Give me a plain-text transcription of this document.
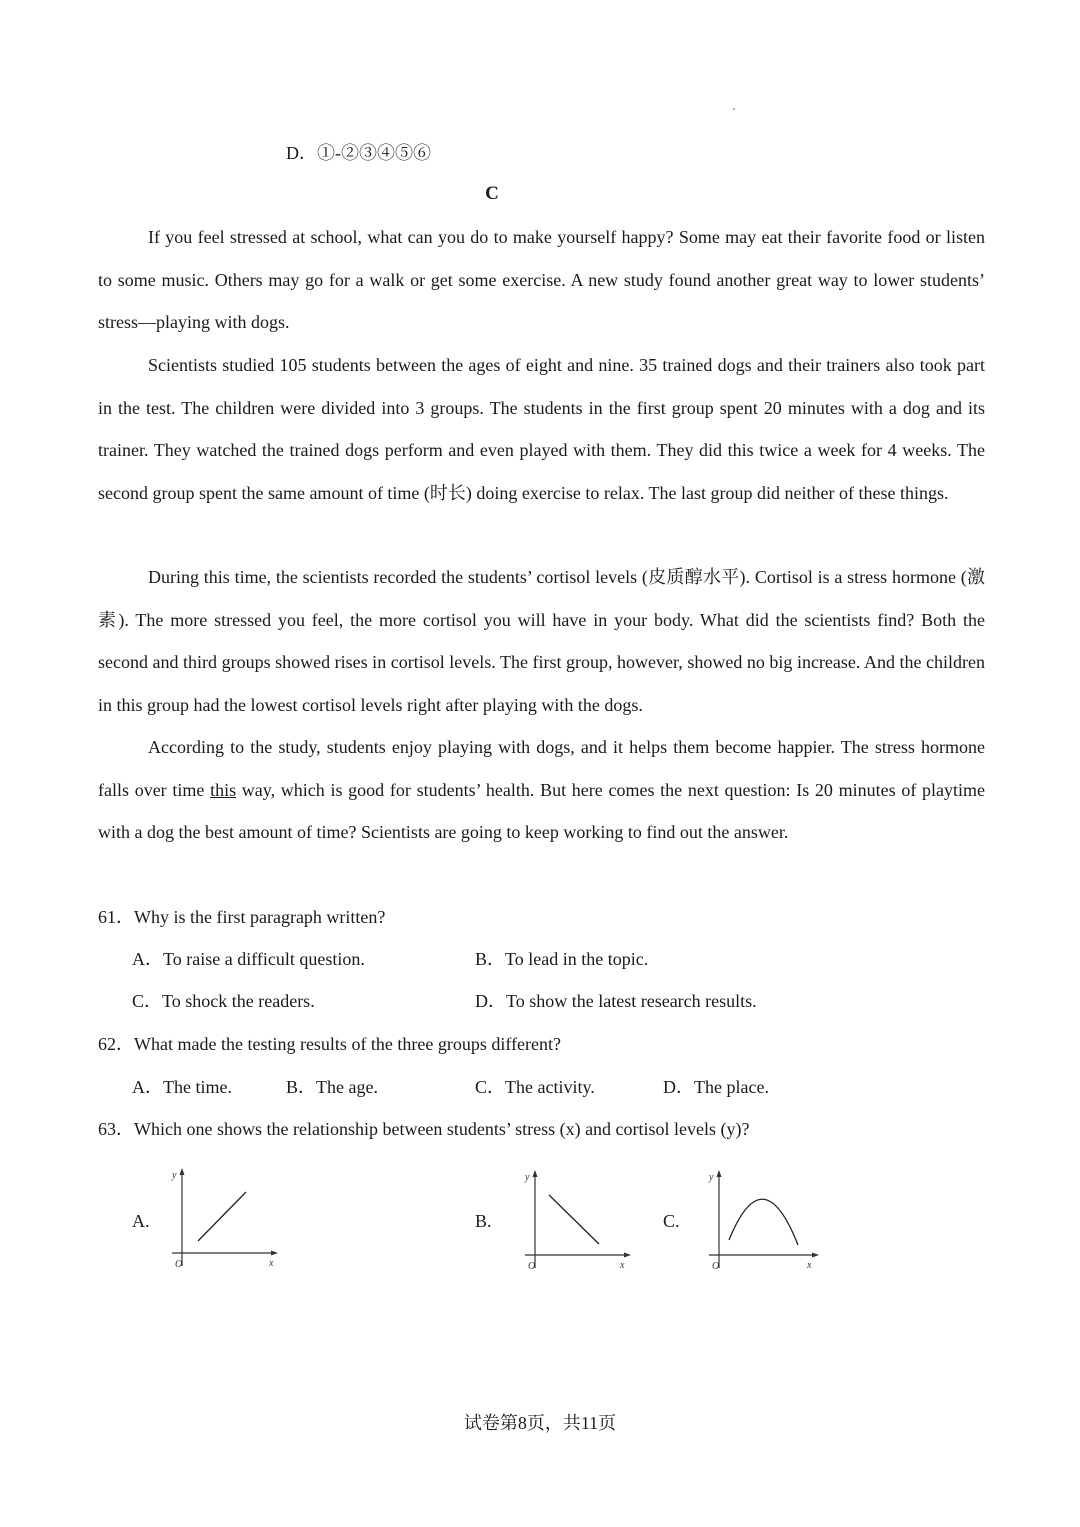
D．①-②③④⑤⑥
C

If you feel stressed at school, what can you do to make yourself happy? Some may eat their favorite food or listen to some music. Others may go for a walk or get some exercise. A new study found another great way to lower students’ stress—playing with dogs.

Scientists studied 105 students between the ages of eight and nine. 35 trained dogs and their trainers also took part in the test. The children were divided into 3 groups. The students in the first group spent 20 minutes with a dog and its trainer. They watched the trained dogs perform and even played with them. They did this twice a week for 4 weeks. The second group spent the same amount of time (时长) doing exercise to relax. The last group did neither of these things.

During this time, the scientists recorded the students’ cortisol levels (皮质醇水平). Cortisol is a stress hormone (激素). The more stressed you feel, the more cortisol you will have in your body. What did the scientists find? Both the second and third groups showed rises in cortisol levels. The first group, however, showed no big increase. And the children in this group had the lowest cortisol levels right after playing with the dogs.

According to the study, students enjoy playing with dogs, and it helps them become happier. The stress hormone falls over time this way, which is good for students’ health. But here comes the next question: Is 20 minutes of playtime with a dog the best amount of time? Scientists are going to keep working to find out the answer.

61．Why is the first paragraph written?
A．To raise a difficult question.	B．To lead in the topic.
C．To shock the readers.	D．To show the latest research results.
62．What made the testing results of the three groups different?
A．The time.	B．The age.	C．The activity.	D．The place.
63．Which one shows the relationship between students’ stress (x) and cortisol levels (y)?
A.
y
x
O
B.
y
x
O
C.
y
x
O
试卷第8页，共11页
